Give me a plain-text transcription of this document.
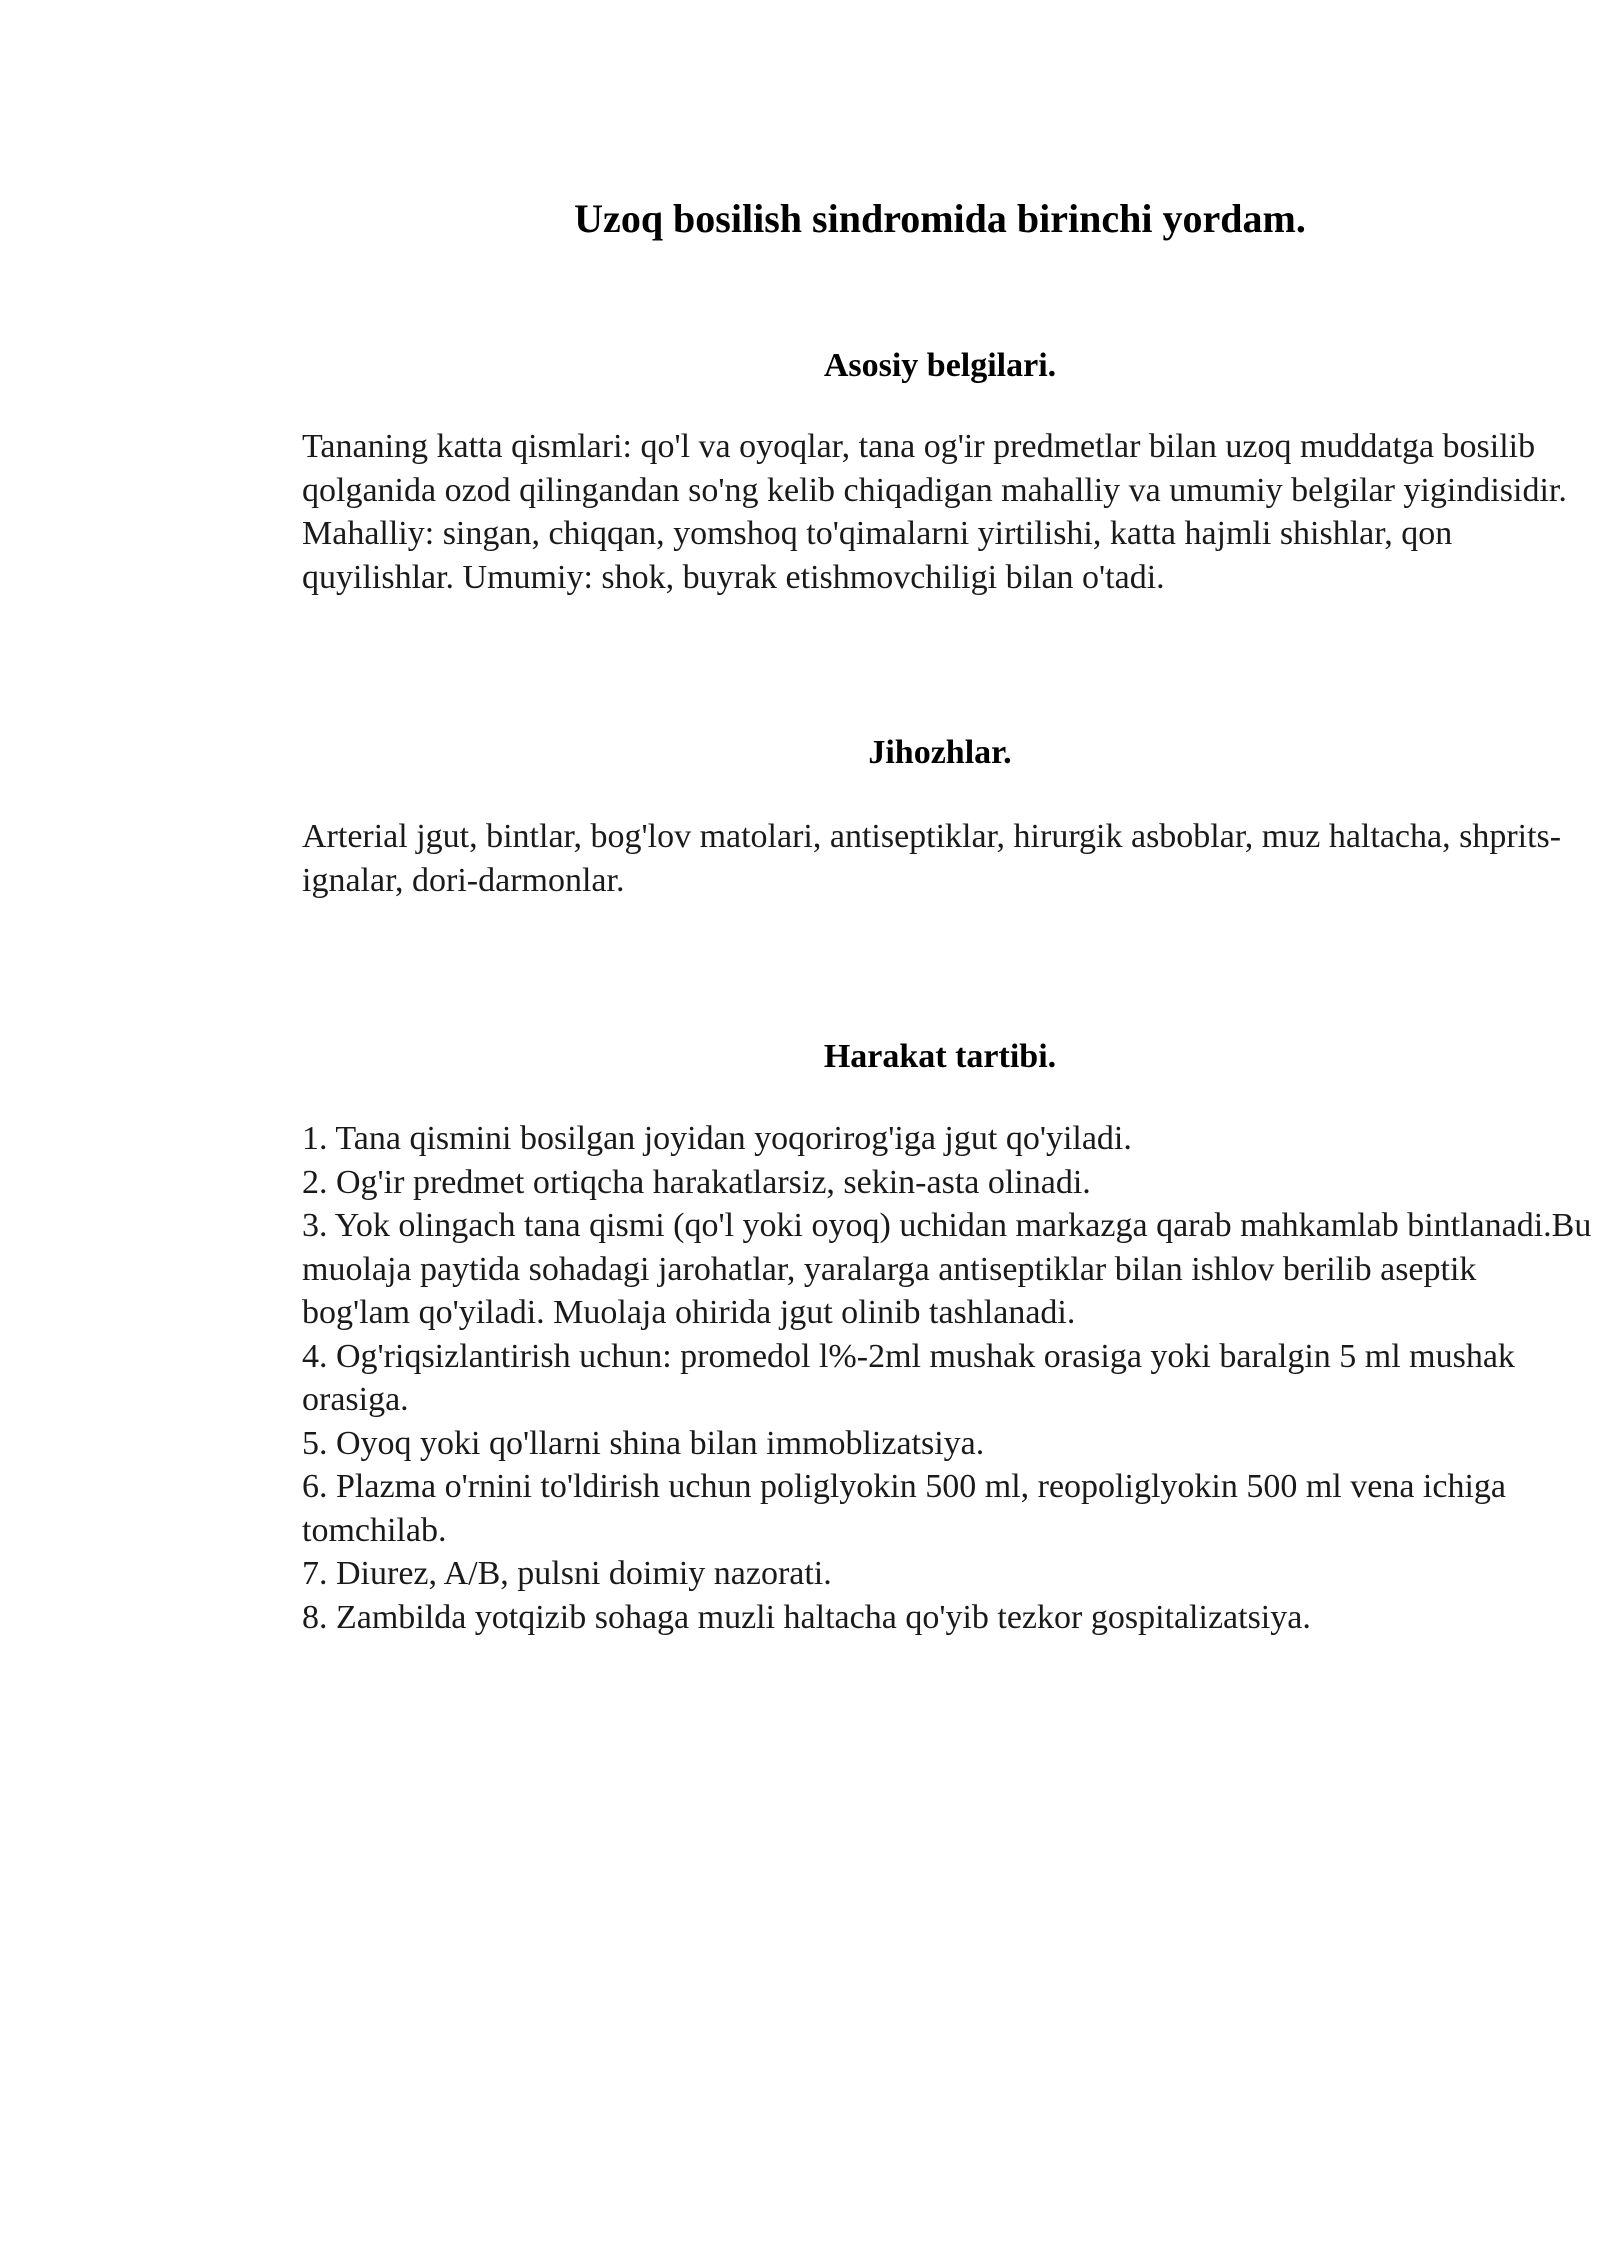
Uzoq bosilish sindromida birinchi yordam.
Asosiy belgilari.

Tananing katta qismlari: qo'l va oyoqlar, tana og'ir predmetlar bilan uzoq muddatga bosilib qolganida ozod qilingandan so'ng kelib chiqadigan mahalliy va umumiy belgilar yigindisidir. Mahalliy: singan, chiqqan, yomshoq to'qimalarni yirtilishi, katta hajmli shishlar, qon quyilishlar. Umumiy: shok, buyrak etishmovchiligi bilan o'tadi.

Jihozhlar.

Arterial jgut, bintlar, bog'lov matolari, antiseptiklar, hirurgik asboblar, muz haltacha, shprits-ignalar, dori-darmonlar.

Harakat tartibi.
1. Tana qismini bosilgan joyidan yoqorirog'iga jgut qo'yiladi.
2. Og'ir predmet ortiqcha harakatlarsiz, sekin-asta olinadi.
3. Yok olingach tana qismi (qo'l yoki oyoq) uchidan markazga qarab mahkamlab bintlanadi.Bu muolaja paytida sohadagi jarohatlar, yaralarga antiseptiklar bilan ishlov berilib aseptik bog'lam qo'yiladi. Muolaja ohirida jgut olinib tashlanadi.
4. Og'riqsizlantirish uchun: promedol l%-2ml mushak orasiga yoki baralgin 5 ml mushak orasiga.
5. Oyoq yoki qo'llarni shina bilan immoblizatsiya.
6. Plazma o'rnini to'ldirish uchun poliglyokin 500 ml, reopoliglyokin 500 ml vena ichiga tomchilab.
7. Diurez, A/B, pulsni doimiy nazorati.
8. Zambilda yotqizib sohaga muzli haltacha qo'yib tezkor gospitalizatsiya.
